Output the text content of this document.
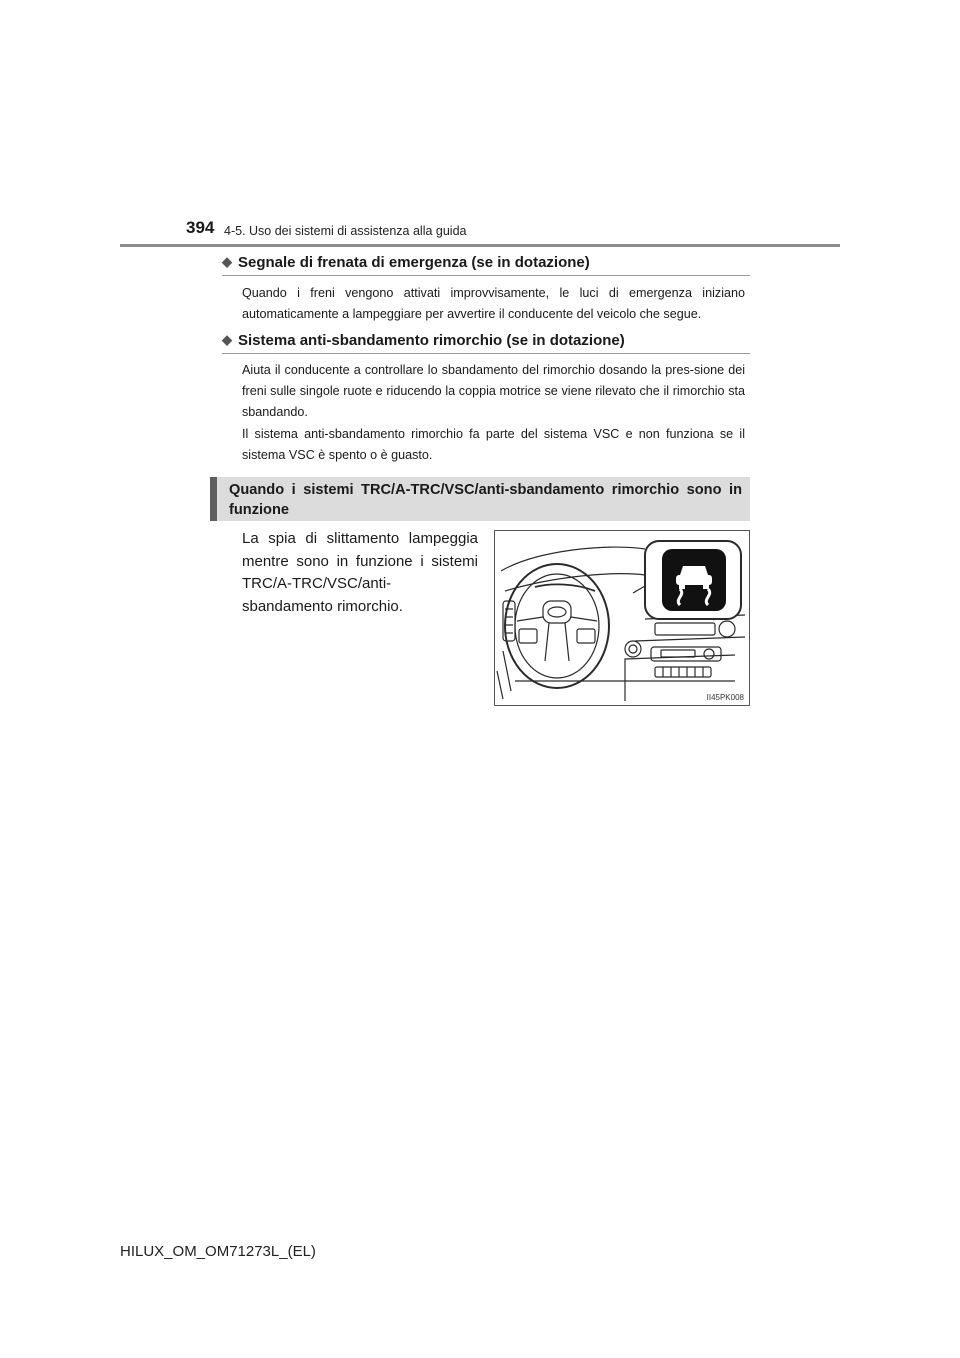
394 4-5. Uso dei sistemi di assistenza alla guida
◆ Segnale di frenata di emergenza (se in dotazione)

Quando i freni vengono attivati improvvisamente, le luci di emergenza iniziano automaticamente a lampeggiare per avvertire il conducente del veicolo che segue.

◆ Sistema anti-sbandamento rimorchio (se in dotazione)

Aiuta il conducente a controllare lo sbandamento del rimorchio dosando la pres-sione dei freni sulle singole ruote e riducendo la coppia motrice se viene rilevato che il rimorchio sta sbandando.

Il sistema anti-sbandamento rimorchio fa parte del sistema VSC e non funziona se il sistema VSC è spento o è guasto.

Quando i sistemi TRC/A-TRC/VSC/anti-sbandamento rimorchio sono in funzione

La spia di slittamento lampeggia mentre sono in funzione i sistemi TRC/A-TRC/VSC/anti-sbandamento rimorchio.

II45PK008
HILUX_OM_OM71273L_(EL)
